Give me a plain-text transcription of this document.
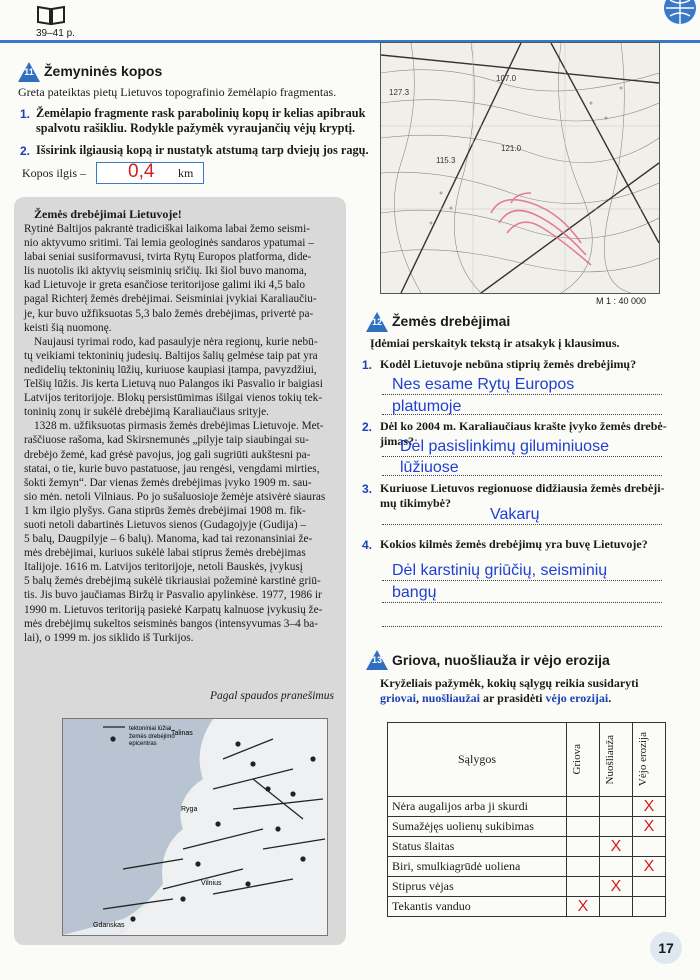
39–41 p.
11 Žemyninės kopos
Greta pateiktas pietų Lietuvos topografinio žemėlapio fragmentas.
1. Žemėlapio fragmente rask parabolinių kopų ir kelias apibrauk
spalvotu rašikliu. Rodykle pažymėk vyraujančių vėjų kryptį.
2. Išsirink ilgiausią kopą ir nustatyk atstumą tarp dviejų jos ragų.
Kopos ilgis – 0,4 km
107.0
127.3
121.0
115.3
M 1 : 40 000
Žemės drebėjimai Lietuvoje!
Rytinė Baltijos pakrantė tradiciškai laikoma labai žemo seismi-
nio aktyvumo sritimi. Tai lemia geologinės sandaros ypatumai –
labai seniai susiformavusi, tvirta Rytų Europos platforma, dide-
lis nuotolis iki aktyvių seisminių sričių. Iki šiol buvo manoma,
kad Lietuvoje ir greta esančiose teritorijose galimi iki 4,5 balo
pagal Richterį žemės drebėjimai. Seisminiai įvykiai Karaliaučiu-
je, kur buvo užfiksuotas 5,3 balo žemės drebėjimas, privertė pa-
keisti šią nuomonę.
Naujausi tyrimai rodo, kad pasaulyje nėra regionų, kurie nebū-
tų veikiami tektoninių judesių. Baltijos šalių gelmėse taip pat yra
nedidelių tektoninių lūžių, kuriuose kaupiasi įtampa, pavyzdžiui,
Telšių lūžis. Jis kerta Lietuvą nuo Palangos iki Pasvalio ir baigiasi
Latvijos teritorijoje. Blokų persistūmimas išilgai vienos tokių tek-
toninių zonų ir sukėlė drebėjimą Karaliaučiaus srityje.
1328 m. užfiksuotas pirmasis žemės drebėjimas Lietuvoje. Met-
raščiuose rašoma, kad Skirsnemunės „pilyje taip siaubingai su-
drebėjo žemė, kad grėsė pavojus, jog gali sugriūti aukštesni pa-
statai, o tie, kurie buvo pastatuose, jau rengėsi, vengdami mirties,
šokti žemyn“. Dar vienas žemės drebėjimas įvyko 1909 m. sau-
sio mėn. netoli Vilniaus. Po jo sušaluosioje žemėje atsivėrė siauras
1 km ilgio plyšys. Gana stiprūs žemės drebėjimai 1908 m. fik-
suoti netoli dabartinės Lietuvos sienos (Gudagojyje (Gudija) –
5 balų, Daugpilyje – 6 balų). Manoma, kad tai rezonansiniai že-
mės drebėjimai, kuriuos sukėlė labai stiprus žemės drebėjimas
Italijoje. 1616 m. Latvijos teritorijoje, netoli Bauskės, įvykusį
5 balų žemės drebėjimą sukėlė tikriausiai požeminė karstinė griū-
tis. Jis buvo jaučiamas Biržų ir Pasvalio apylinkėse. 1977, 1986 ir
1990 m. Lietuvos teritoriją pasiekė Karpatų kalnuose įvykusių že-
mės drebėjimų sukeltos seisminės bangos (intensyvumas 3–4 ba-
lai), o 1999 m. jos siklido iš Turkijos.
Pagal spaudos pranešimus
tektoniniai lūžiai
žemės drebėjimo
epicentras
Talinas
Ryga
Vilnius
Gdanskas
12 Žemės drebėjimai
Įdėmiai perskaityk tekstą ir atsakyk į klausimus.
1. Kodėl Lietuvoje nebūna stiprių žemės drebėjimų?
Nes esame Rytų Europos
platumoje
2. Dėl ko 2004 m. Karaliaučiaus krašte įvyko žemės drebė-
jimas?
Dėl pasislinkimų giluminiuose
lūžiuose
3. Kuriuose Lietuvos regionuose didžiausia žemės drebėji-
mų tikimybė?
Vakarų
4. Kokios kilmės žemės drebėjimų yra buvę Lietuvoje?
Dėl karstinių griūčių, seisminių
bangų
13 Griova, nuošliauža ir vėjo erozija
Kryželiais pažymėk, kokių sąlygų reikia susidaryti
griovai, nuošliaužai ar prasidėti vėjo erozijai.
Sąlygos	Griova	Nuošliauža	Vėjo erozija

Nėra augalijos arba ji skurdi			X
Sumažėjęs uolienų sukibimas			X
Status šlaitas		X	
Biri, smulkiagrūdė uoliena			X
Stiprus vėjas		X	
Tekantis vanduo	X		
17
